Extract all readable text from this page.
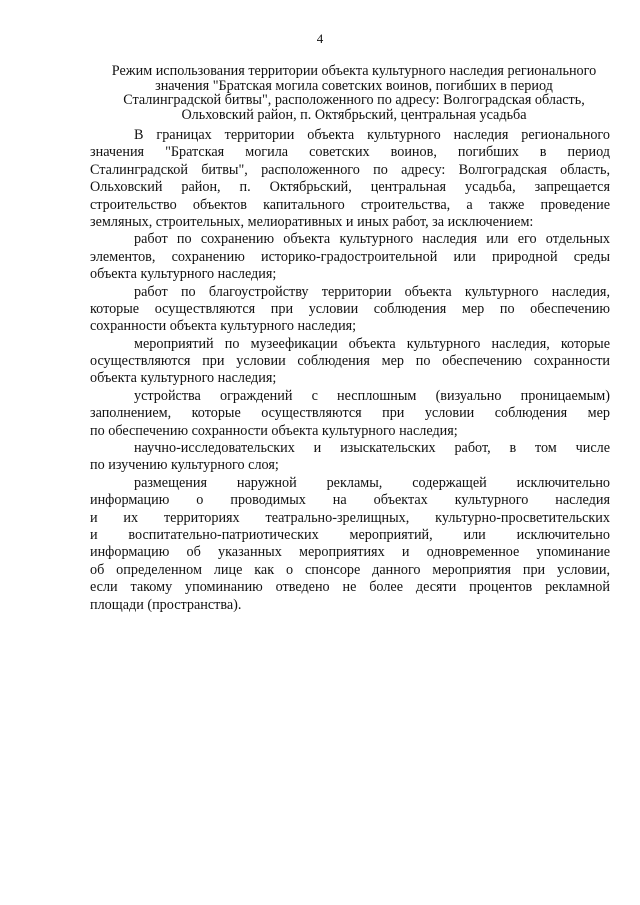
4
Режим использования территории объекта культурного наследия регионального
значения "Братская могила советских воинов, погибших в период
Сталинградской битвы", расположенного по адресу: Волгоградская область,
Ольховский район, п. Октябрьский, центральная усадьба
В границах территории объекта культурного наследия регионального
значения "Братская могила советских воинов, погибших в период
Сталинградской битвы", расположенного по адресу: Волгоградская область,
Ольховский район, п. Октябрьский, центральная усадьба, запрещается
строительство объектов капитального строительства, а также проведение
земляных, строительных, мелиоративных и иных работ, за исключением:
работ по сохранению объекта культурного наследия или его отдельных
элементов, сохранению историко-градостроительной или природной среды
объекта культурного наследия;
работ по благоустройству территории объекта культурного наследия,
которые осуществляются при условии соблюдения мер по обеспечению
сохранности объекта культурного наследия;
мероприятий по музеефикации объекта культурного наследия, которые
осуществляются при условии соблюдения мер по обеспечению сохранности
объекта культурного наследия;
устройства ограждений с несплошным (визуально проницаемым)
заполнением, которые осуществляются при условии соблюдения мер
по обеспечению сохранности объекта культурного наследия;
научно-исследовательских и изыскательских работ, в том числе
по изучению культурного слоя;
размещения наружной рекламы, содержащей исключительно
информацию о проводимых на объектах культурного наследия
и их территориях театрально-зрелищных, культурно-просветительских
и воспитательно-патриотических мероприятий, или исключительно
информацию об указанных мероприятиях и одновременное упоминание
об определенном лице как о спонсоре данного мероприятия при условии,
если такому упоминанию отведено не более десяти процентов рекламной
площади (пространства).
